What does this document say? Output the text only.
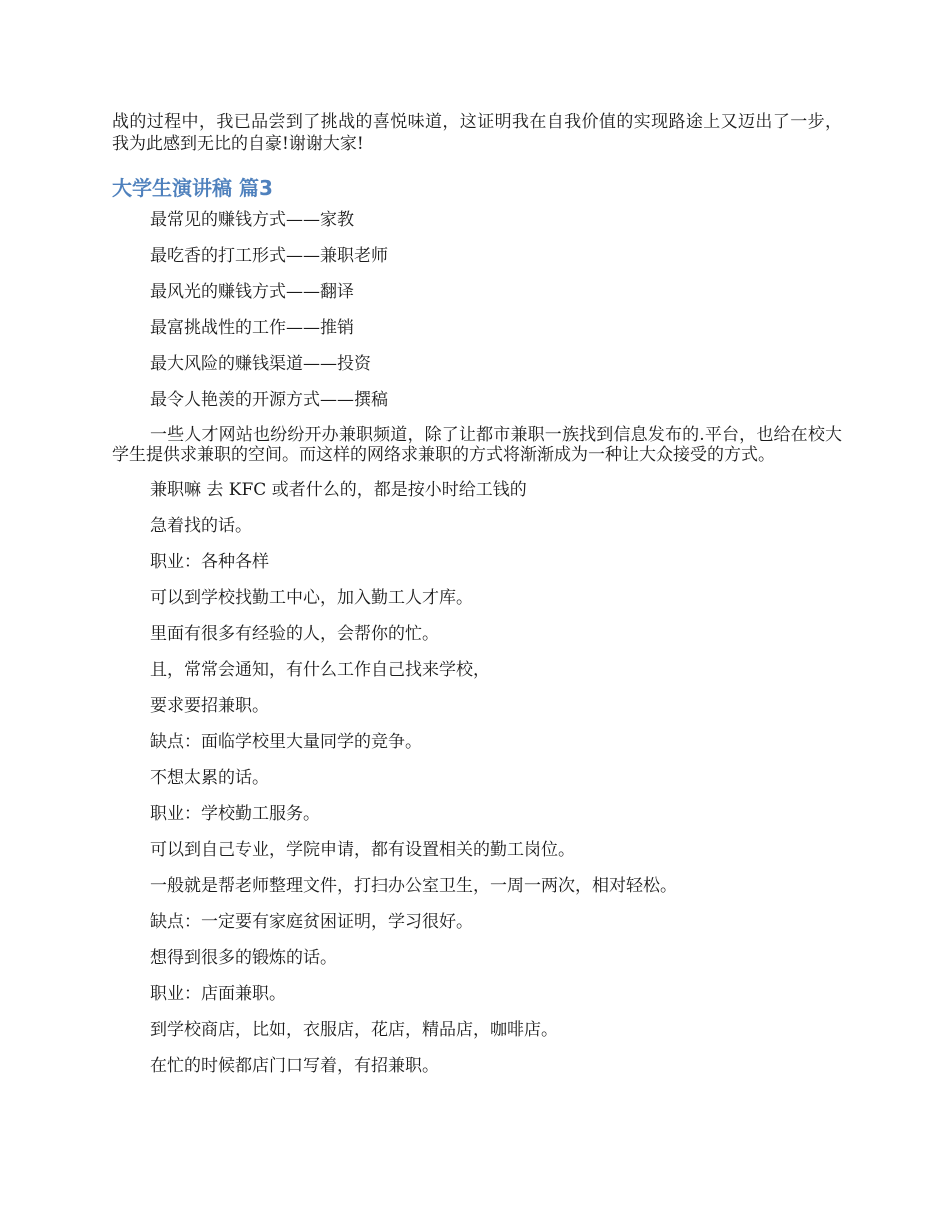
战的过程中，我已品尝到了挑战的喜悦味道，这证明我在自我价值的实现路途上又迈出了一步，我为此感到无比的自豪!谢谢大家!

大学生演讲稿 篇3

最常见的赚钱方式——家教

最吃香的打工形式——兼职老师

最风光的赚钱方式——翻译

最富挑战性的工作——推销

最大风险的赚钱渠道——投资

最令人艳羡的开源方式——撰稿

一些人才网站也纷纷开办兼职频道，除了让都市兼职一族找到信息发布的.平台，也给在校大学生提供求兼职的空间。而这样的网络求兼职的方式将渐渐成为一种让大众接受的方式。

兼职嘛 去 KFC 或者什么的，都是按小时给工钱的

急着找的话。

职业：各种各样

可以到学校找勤工中心，加入勤工人才库。

里面有很多有经验的人，会帮你的忙。

且，常常会通知，有什么工作自己找来学校，

要求要招兼职。

缺点：面临学校里大量同学的竞争。

不想太累的话。

职业：学校勤工服务。

可以到自己专业，学院申请，都有设置相关的勤工岗位。

一般就是帮老师整理文件，打扫办公室卫生，一周一两次，相对轻松。

缺点：一定要有家庭贫困证明，学习很好。

想得到很多的锻炼的话。

职业：店面兼职。

到学校商店，比如，衣服店，花店，精品店，咖啡店。

在忙的时候都店门口写着，有招兼职。
